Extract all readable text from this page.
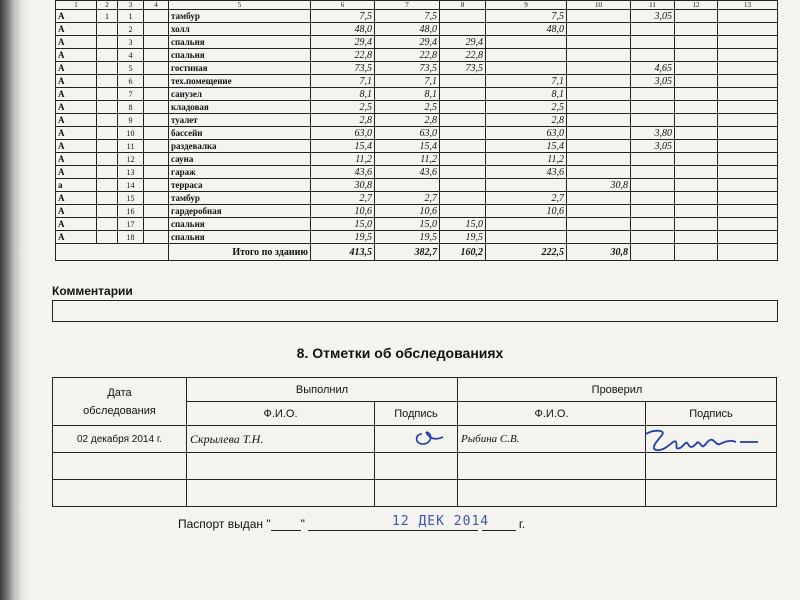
1	2	3	4	5	6	7	8	9	10	11	12	13
А	1	1		тамбур	7,5	7,5		7,5		3,05		
А		2		холл	48,0	48,0		48,0				
А		3		спальня	29,4	29,4	29,4					
А		4		спальня	22,8	22,8	22,8					
А		5		гостиная	73,5	73,5	73,5			4,65		
А		6		тех.помещение	7,1	7,1		7,1		3,05		
А		7		санузел	8,1	8,1		8,1				
А		8		кладовая	2,5	2,5		2,5				
А		9		туалет	2,8	2,8		2,8				
А		10		бассейн	63,0	63,0		63,0		3,80		
А		11		раздевалка	15,4	15,4		15,4		3,05		
А		12		сауна	11,2	11,2		11,2				
А		13		гараж	43,6	43,6		43,6				
а		14		терраса	30,8				30,8			
А		15		тамбур	2,7	2,7		2,7				
А		16		гардеробная	10,6	10,6		10,6				
А		17		спальня	15,0	15,0	15,0					
А		18		спальня	19,5	19,5	19,5					
				Итого по зданию	413,5	382,7	160,2	222,5	30,8			
Комментарии
8. Отметки об обследованиях
Дата
обследования	Выполнил		Проверил	
	Ф.И.О.	Подпись	Ф.И.О.	Подпись
02 декабря 2014 г.	Скрылева Т.Н.		Рыбина С.В.	

Паспорт выдан "	"	г.
12 ДЕК 2014
